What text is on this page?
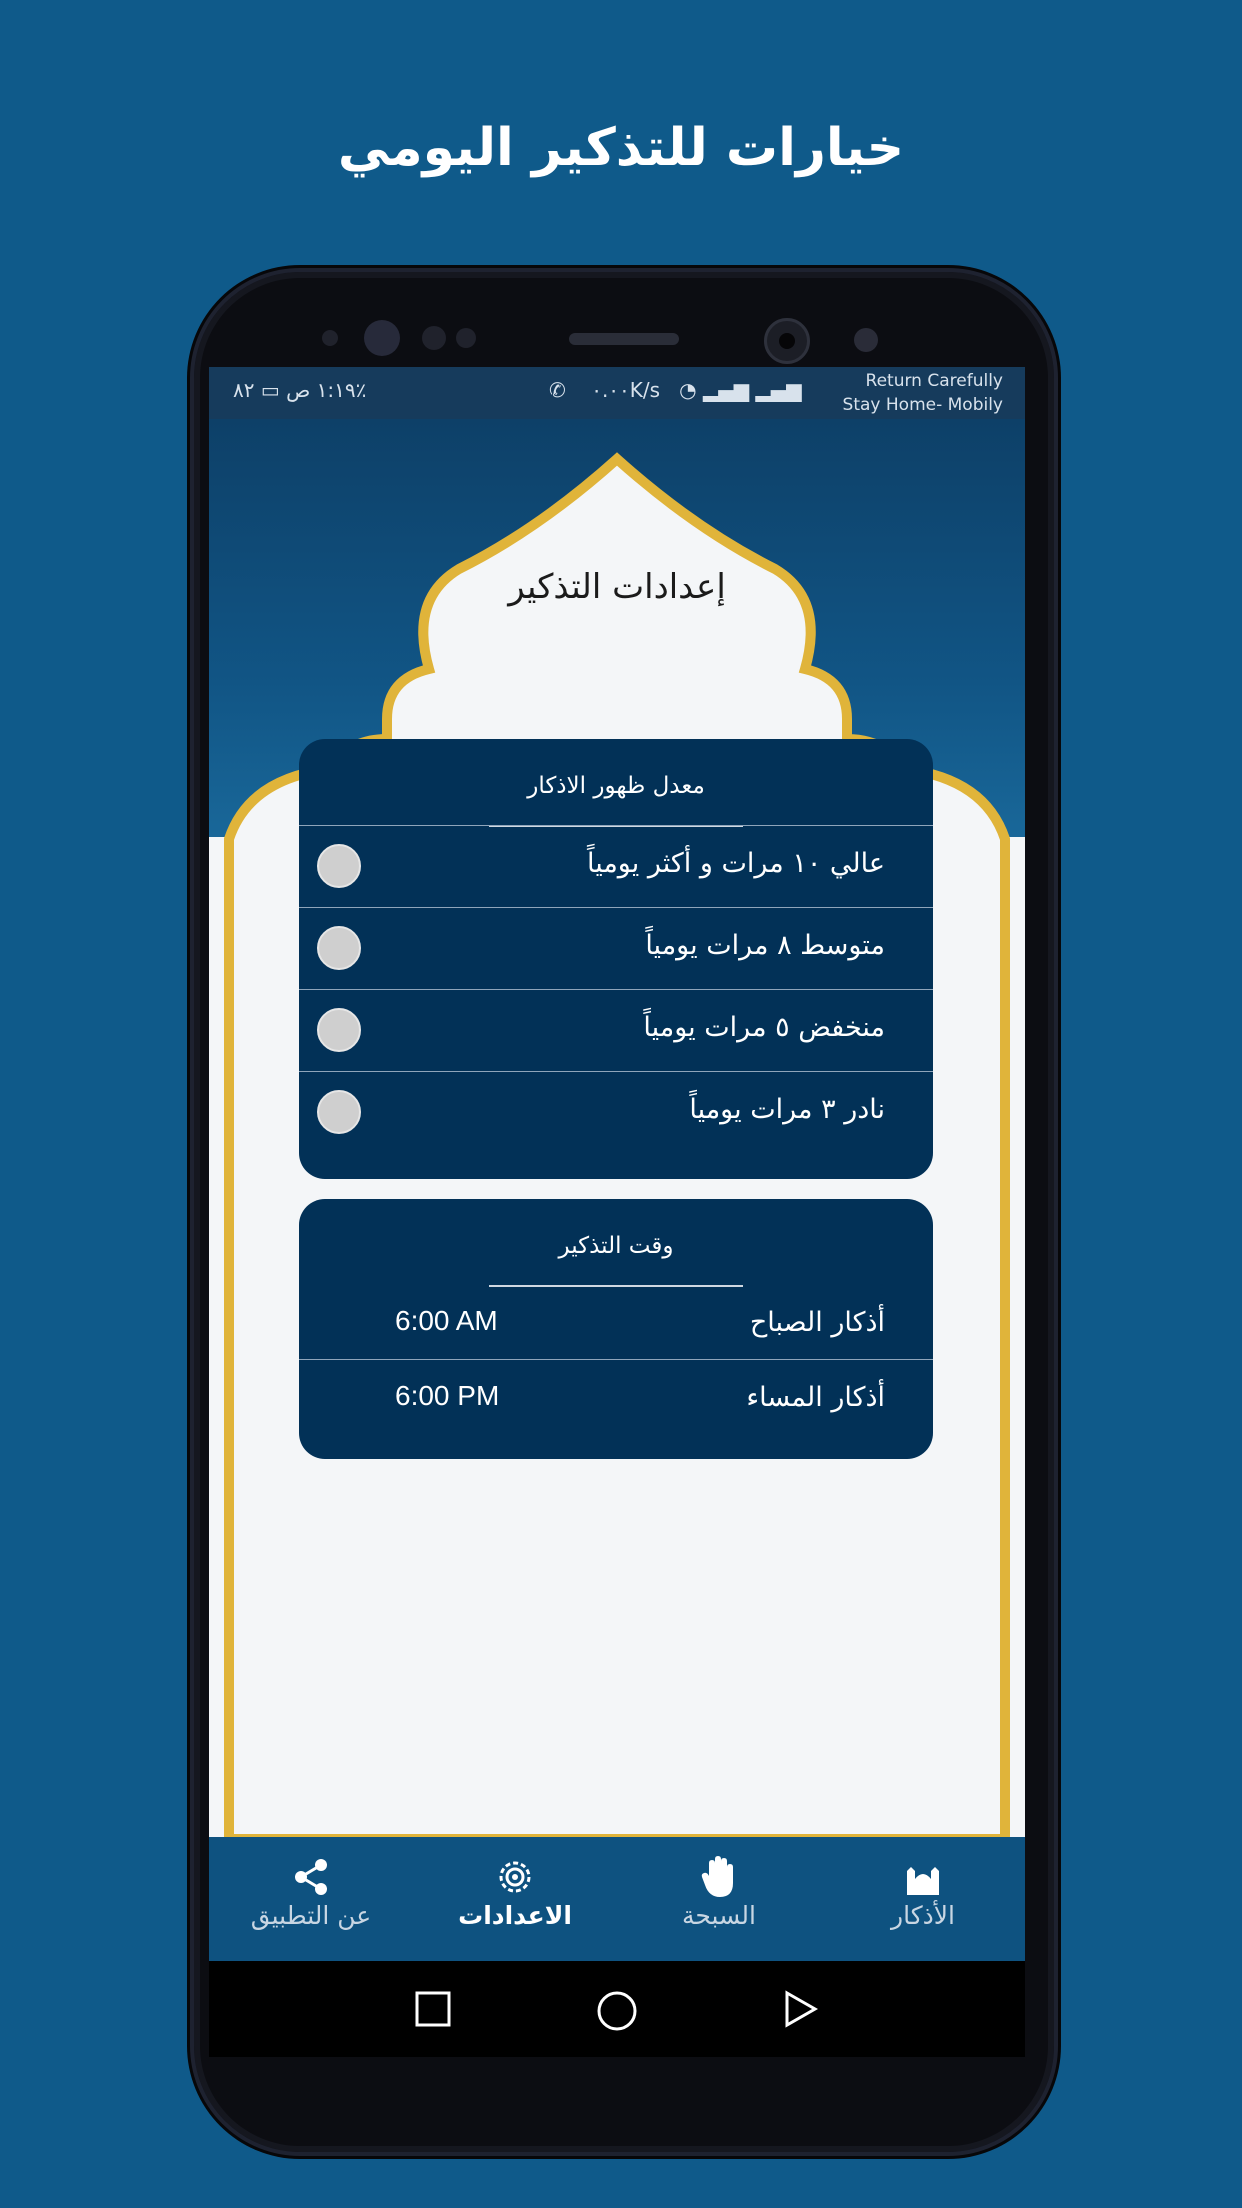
خيارات للتذكير اليومي
١:١٩ ص ▭ ٨٢٪	✆ ٠.٠٠K/s ◔ ▂▄▆ ▂▄▆	Return Carefully
Stay Home- Mobily
إعدادات التذكير
معدل ظهور الاذكار
عالي ١٠ مرات و أكثر يومياً
متوسط ٨ مرات يومياً
منخفض ٥ مرات يومياً
نادر ٣ مرات يومياً
وقت التذكير
أذكار الصباح
6:00 AM
أذكار المساء
6:00 PM
الأذكار
السبحة
الاعدادات
عن التطبيق
